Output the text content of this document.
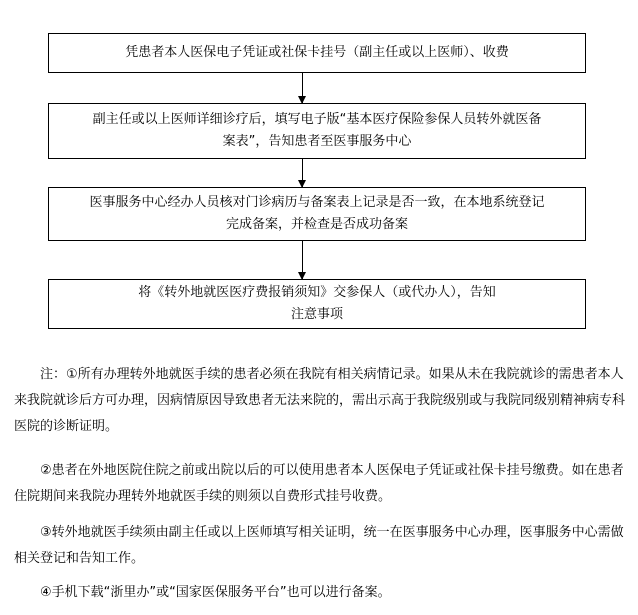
凭患者本人医保电子凭证或社保卡挂号（副主任或以上医师）、收费
副主任或以上医师详细诊疗后，填写电子版“基本医疗保险参保人员转外就医备
案表”，告知患者至医事服务中心
医事服务中心经办人员核对门诊病历与备案表上记录是否一致，在本地系统登记
完成备案，并检查是否成功备案
将《转外地就医医疗费报销须知》交参保人（或代办人），告知
注意事项

注：①所有办理转外地就医手续的患者必须在我院有相关病情记录。如果从未在我院就诊的需患者本人来我院就诊后方可办理，因病情原因导致患者无法来院的，需出示高于我院级别或与我院同级别精神病专科医院的诊断证明。

②患者在外地医院住院之前或出院以后的可以使用患者本人医保电子凭证或社保卡挂号缴费。如在患者住院期间来我院办理转外地就医手续的则须以自费形式挂号收费。

③转外地就医手续须由副主任或以上医师填写相关证明，统一在医事服务中心办理，医事服务中心需做相关登记和告知工作。

④手机下载“浙里办”或“国家医保服务平台”也可以进行备案。
